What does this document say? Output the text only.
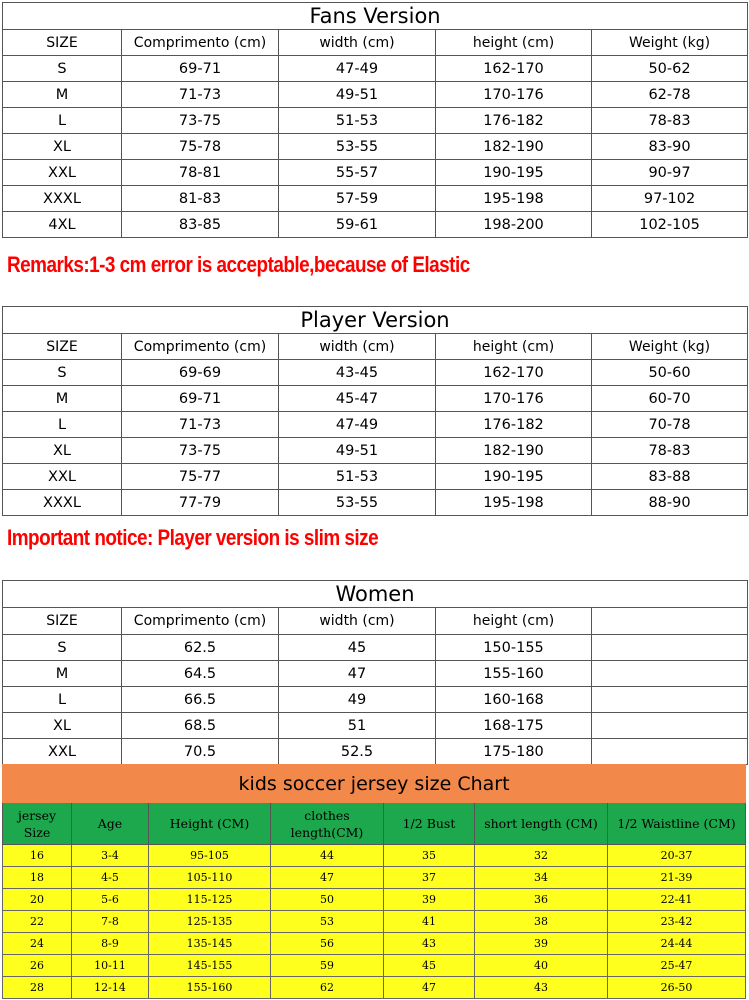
Fans Version				
SIZE	Comprimento (cm)	width (cm)	height (cm)	Weight (kg)
S	69-71	47-49	162-170	50-62
M	71-73	49-51	170-176	62-78
L	73-75	51-53	176-182	78-83
XL	75-78	53-55	182-190	83-90
XXL	78-81	55-57	190-195	90-97
XXXL	81-83	57-59	195-198	97-102
4XL	83-85	59-61	198-200	102-105
Remarks:1-3 cm error is acceptable,because of Elastic
Player Version				
SIZE	Comprimento (cm)	width (cm)	height (cm)	Weight (kg)
S	69-69	43-45	162-170	50-60
M	69-71	45-47	170-176	60-70
L	71-73	47-49	176-182	70-78
XL	73-75	49-51	182-190	78-83
XXL	75-77	51-53	190-195	83-88
XXXL	77-79	53-55	195-198	88-90
Important notice: Player version is slim size
Women				
SIZE	Comprimento (cm)	width (cm)	height (cm)	
S	62.5	45	150-155	
M	64.5	47	155-160	
L	66.5	49	160-168	
XL	68.5	51	168-175	
XXL	70.5	52.5	175-180	
kids soccer jersey size Chart						
jersey Size	Age	Height (CM)	clothes length(CM)	1/2 Bust	short length (CM)	1/2 Waistline (CM)
16	3-4	95-105	44	35	32	20-37
18	4-5	105-110	47	37	34	21-39
20	5-6	115-125	50	39	36	22-41
22	7-8	125-135	53	41	38	23-42
24	8-9	135-145	56	43	39	24-44
26	10-11	145-155	59	45	40	25-47
28	12-14	155-160	62	47	43	26-50
